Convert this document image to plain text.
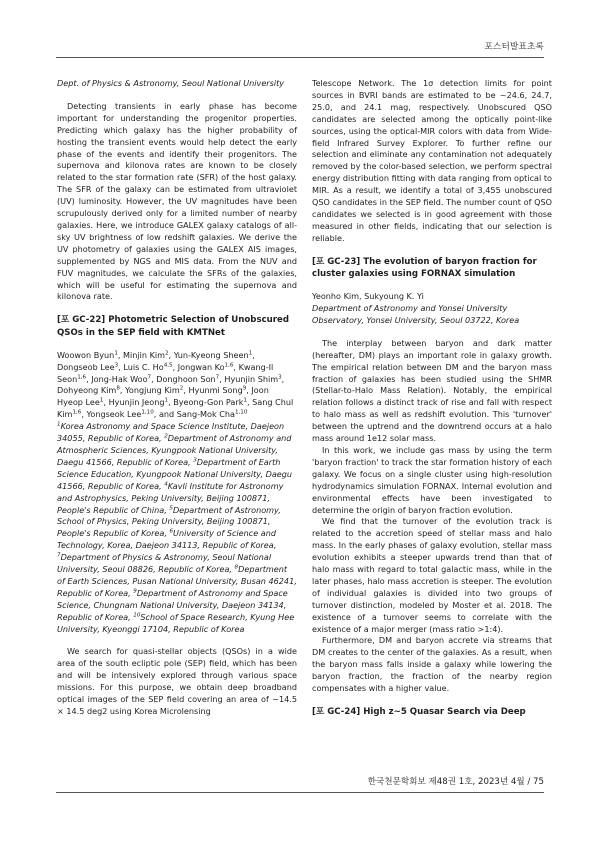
포스터발표초록

Dept. of Physics & Astronomy, Seoul National University

Detecting transients in early phase has become important for understanding the progenitor properties. Predicting which galaxy has the higher probability of hosting the transient events would help detect the early phase of the events and identify their progenitors. The supernova and kilonova rates are known to be closely related to the star formation rate (SFR) of the host galaxy. The SFR of the galaxy can be estimated from ultraviolet (UV) luminosity. However, the UV magnitudes have been scrupulously derived only for a limited number of nearby galaxies. Here, we introduce GALEX galaxy catalogs of all-sky UV brightness of low redshift galaxies. We derive the UV photometry of galaxies using the GALEX AIS images, supplemented by NGS and MIS data. From the NUV and FUV magnitudes, we calculate the SFRs of the galaxies, which will be useful for estimating the supernova and kilonova rate.

[포 GC-22] Photometric Selection of Unobscured QSOs in the SEP field with KMTNet

Woowon Byun$^1$, Minjin Kim$^2$, Yun-Kyeong Sheen$^1$, Dongseob Lee$^3$, Luis C. Ho$^{4,5}$, Jongwan Ko$^{1,6}$, Kwang-Il Seon$^{1,6}$, Jong-Hak Woo$^7$, Donghoon Son$^7$, Hyunjin Shim$^3$, Dohyeong Kim$^8$, Yongjung Kim$^2$, Hyunmi Song$^9$, Joon Hyeop Lee$^1$, Hyunjin Jeong$^1$, Byeong-Gon Park$^1$, Sang Chul Kim$^{1,6}$, Yongseok Lee$^{1,10}$, and Sang-Mok Cha$^{1,10}$

$^1$Korea Astronomy and Space Science Institute, Daejeon 34055, Republic of Korea, $^2$Department of Astronomy and Atmospheric Sciences, Kyungpook National University, Daegu 41566, Republic of Korea, $^3$Department of Earth Science Education, Kyungpook National University, Daegu 41566, Republic of Korea, $^4$Kavli Institute for Astronomy and Astrophysics, Peking University, Beijing 100871, People's Republic of China, $^5$Department of Astronomy, School of Physics, Peking University, Beijing 100871, People's Republic of Korea, $^6$University of Science and Technology, Korea, Daejeon 34113, Republic of Korea, $^7$Department of Physics & Astronomy, Seoul National University, Seoul 08826, Republic of Korea, $^8$Department of Earth Sciences, Pusan National University, Busan 46241, Republic of Korea, $^9$Department of Astronomy and Space Science, Chungnam National University, Daejeon 34134, Republic of Korea, $^{10}$School of Space Research, Kyung Hee University, Kyeonggi 17104, Republic of Korea

We search for quasi-stellar objects (QSOs) in a wide area of the south ecliptic pole (SEP) field, which has been and will be intensively explored through various space missions. For this purpose, we obtain deep broadband optical images of the SEP field covering an area of ~14.5 × 14.5 deg2 using Korea Microlensing

Telescope Network. The 1σ detection limits for point sources in BVRI bands are estimated to be ~24.6, 24.7, 25.0, and 24.1 mag, respectively. Unobscured QSO candidates are selected among the optically point-like sources, using the optical-MIR colors with data from Wide-field Infrared Survey Explorer. To further refine our selection and eliminate any contamination not adequately removed by the color-based selection, we perform spectral energy distribution fitting with data ranging from optical to MIR. As a result, we identify a total of 3,455 unobscured QSO candidates in the SEP field. The number count of QSO candidates we selected is in good agreement with those measured in other fields, indicating that our selection is reliable.

[포 GC-23] The evolution of baryon fraction for cluster galaxies using FORNAX simulation

Yeonho Kim, Sukyoung K. Yi

Department of Astronomy and Yonsei University Observatory, Yonsei University, Seoul 03722, Korea

The interplay between baryon and dark matter (hereafter, DM) plays an important role in galaxy growth. The empirical relation between DM and the baryon mass fraction of galaxies has been studied using the SHMR (Stellar-to-Halo Mass Relation). Notably, the empirical relation follows a distinct track of rise and fall with respect to halo mass as well as redshift evolution. This 'turnover' between the uptrend and the downtrend occurs at a halo mass around 1e12 solar mass.

In this work, we include gas mass by using the term 'baryon fraction' to track the star formation history of each galaxy. We focus on a single cluster using high-resolution hydrodynamics simulation FORNAX. Internal evolution and environmental effects have been investigated to determine the origin of baryon fraction evolution.

We find that the turnover of the evolution track is related to the accretion speed of stellar mass and halo mass. In the early phases of galaxy evolution, stellar mass evolution exhibits a steeper upwards trend than that of halo mass with regard to total galactic mass, while in the later phases, halo mass accretion is steeper. The evolution of individual galaxies is divided into two groups of turnover distinction, modeled by Moster et al. 2018. The existence of a turnover seems to correlate with the existence of a major merger (mass ratio >1:4).

Furthermore, DM and baryon accrete via streams that DM creates to the center of the galaxies. As a result, when the baryon mass falls inside a galaxy while lowering the baryon fraction, the fraction of the nearby region compensates with a higher value.

[포 GC-24] High z~5 Quasar Search via Deep

한국천문학회보 제48권 1호, 2023년 4월 / 75
